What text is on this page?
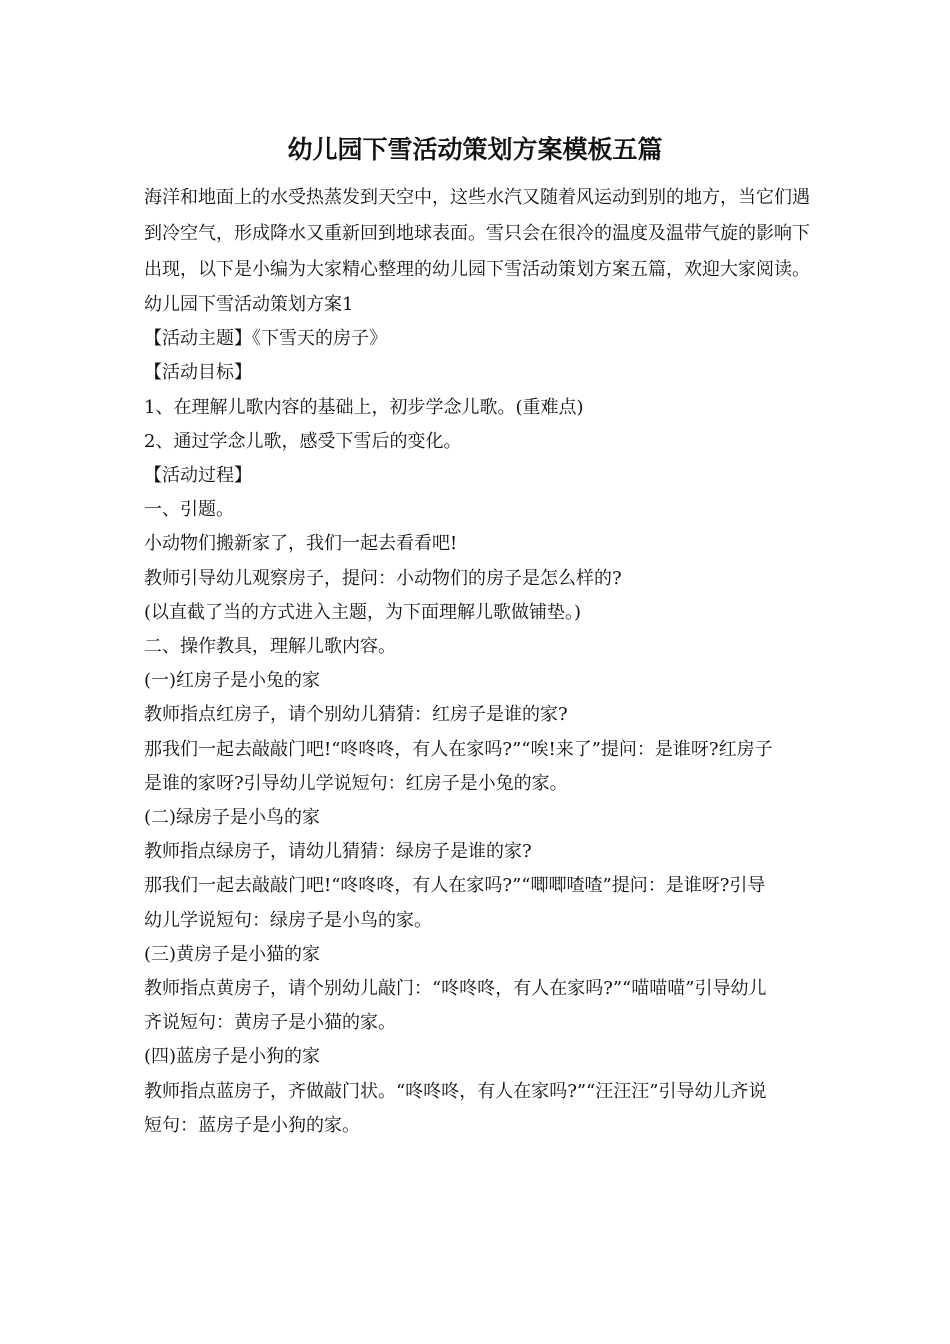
幼儿园下雪活动策划方案模板五篇

海洋和地面上的水受热蒸发到天空中，这些水汽又随着风运动到别的地方，当它们遇到冷空气，形成降水又重新回到地球表面。雪只会在很冷的温度及温带气旋的影响下出现，以下是小编为大家精心整理的幼儿园下雪活动策划方案五篇，欢迎大家阅读。

幼儿园下雪活动策划方案1

【活动主题】《下雪天的房子》

【活动目标】

1、在理解儿歌内容的基础上，初步学念儿歌。(重难点)

2、通过学念儿歌，感受下雪后的变化。

【活动过程】

一、引题。

小动物们搬新家了，我们一起去看看吧!

教师引导幼儿观察房子，提问：小动物们的房子是怎么样的?

(以直截了当的方式进入主题，为下面理解儿歌做铺垫。)

二、操作教具，理解儿歌内容。

(一)红房子是小兔的家

教师指点红房子，请个别幼儿猜猜：红房子是谁的家?

那我们一起去敲敲门吧!“咚咚咚，有人在家吗?”“唉!来了”提问：是谁呀?红房子

是谁的家呀?引导幼儿学说短句：红房子是小兔的家。

(二)绿房子是小鸟的家

教师指点绿房子，请幼儿猜猜：绿房子是谁的家?

那我们一起去敲敲门吧!“咚咚咚，有人在家吗?”“唧唧喳喳”提问：是谁呀?引导

幼儿学说短句：绿房子是小鸟的家。

(三)黄房子是小猫的家

教师指点黄房子，请个别幼儿敲门：“咚咚咚，有人在家吗?”“喵喵喵”引导幼儿

齐说短句：黄房子是小猫的家。

(四)蓝房子是小狗的家

教师指点蓝房子，齐做敲门状。“咚咚咚，有人在家吗?”“汪汪汪”引导幼儿齐说

短句：蓝房子是小狗的家。
